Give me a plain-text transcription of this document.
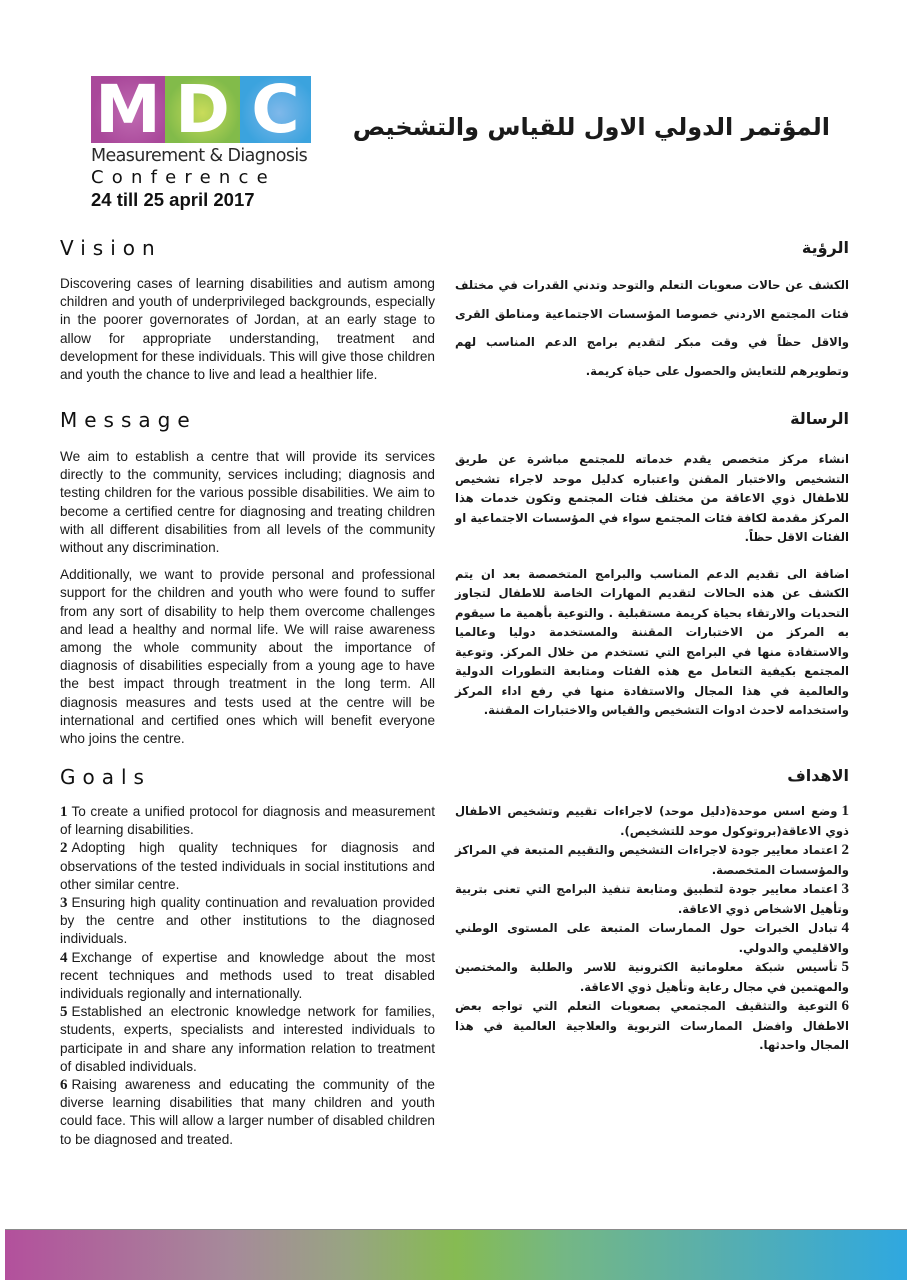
M D C
Measurement & Diagnosis
Conference
24 till 25 april 2017
المؤتمر الدولي الاول للقياس والتشخيص
Vision

Discovering cases of learning disabilities and autism among children and youth of underprivileged backgrounds, especially in the poorer governorates of Jordan, at an early stage to allow for appropriate understanding, treatment and development for these individuals. This will give those children and youth the chance to live and lead a healthier life.

الرؤية

الكشف عن حالات صعوبات التعلم والتوحد وتدني القدرات في مختلف فئات المجتمع الاردني خصوصا المؤسسات الاجتماعية ومناطق القرى والاقل حظاً في وقت مبكر لتقديم برامج الدعم المناسب لهم وتطويرهم للتعايش والحصول على حياة كريمة.

Message

We aim to establish a centre that will provide its services directly to the community, services including; diagnosis and testing children for the various possible disabilities. We aim to become a certified centre for diagnosing and treating children with all different disabilities from all levels of the community without any discrimination.

Additionally, we want to provide personal and professional support for the children and youth who were found to suffer from any sort of disability to help them overcome challenges and lead a healthy and normal life. We will raise awareness among the whole community about the importance of diagnosis of disabilities especially from a young age to have the best impact through treatment in the long term. All diagnosis measures and tests used at the centre will be international and certified ones which will benefit everyone who joins the centre.

الرسالة

انشاء مركز متخصص يقدم خدماته للمجتمع مباشرة عن طريق التشخيص والاختبار المقنن واعتباره كدليل موحد لاجراء تشخيص للاطفال ذوي الاعاقة من مختلف فئات المجتمع وتكون خدمات هذا المركز مقدمة لكافة فئات المجتمع سواء في المؤسسات الاجتماعية او الفئات الاقل حظاً.

اضافة الى تقديم الدعم المناسب والبرامج المتخصصة بعد ان يتم الكشف عن هذه الحالات لتقديم المهارات الخاصة للاطفال لتجاوز التحديات والارتقاء بحياة كريمة مستقبلية . والتوعية بأهمية ما سيقوم به المركز من الاختبارات المقننة والمستخدمة دوليا وعالميا والاستفادة منها في البرامج التي تستخدم من خلال المركز. وتوعية المجتمع بكيفية التعامل مع هذه الفئات ومتابعة التطورات الدولية والعالمية في هذا المجال والاستفادة منها في رفع اداء المركز واستخدامه لاحدث ادوات التشخيص والقياس والاختبارات المقننة.

Goals

1 To create a unified protocol for diagnosis and measurement of learning disabilities.

2 Adopting high quality techniques for diagnosis and observations of the tested individuals in social institutions and other similar centre.

3 Ensuring high quality continuation and revaluation provided by the centre and other institutions to the diagnosed individuals.

4 Exchange of expertise and knowledge about the most recent techniques and methods used to treat disabled individuals regionally and internationally.

5 Established an electronic knowledge network for families, students, experts, specialists and interested individuals to participate in and share any information relation to treatment of disabled individuals.

6 Raising awareness and educating the community of the diverse learning disabilities that many children and youth could face. This will allow a larger number of disabled children to be diagnosed and treated.

الاهداف

1وضع اسس موحدة(دليل موحد) لاجراءات تقييم وتشخيص الاطفال ذوي الاعاقة(بروتوكول موحد للتشخيص).

2اعتماد معايير جودة لاجراءات التشخيص والتقييم المتبعة في المراكز والمؤسسات المتخصصة.

3اعتماد معايير جودة لتطبيق ومتابعة تنفيذ البرامج التي تعنى بتربية وتأهيل الاشخاص ذوي الاعاقة.

4تبادل الخبرات حول الممارسات المتبعة على المستوى الوطني والاقليمي والدولي.

5تأسيس شبكة معلوماتية الكترونية للاسر والطلبة والمختصين والمهتمين في مجال رعاية وتأهيل ذوي الاعاقة.

6التوعية والتثقيف المجتمعي بصعوبات التعلم التي تواجه بعض الاطفال وافضل الممارسات التربوية والعلاجية العالمية في هذا المجال واحدثها.
